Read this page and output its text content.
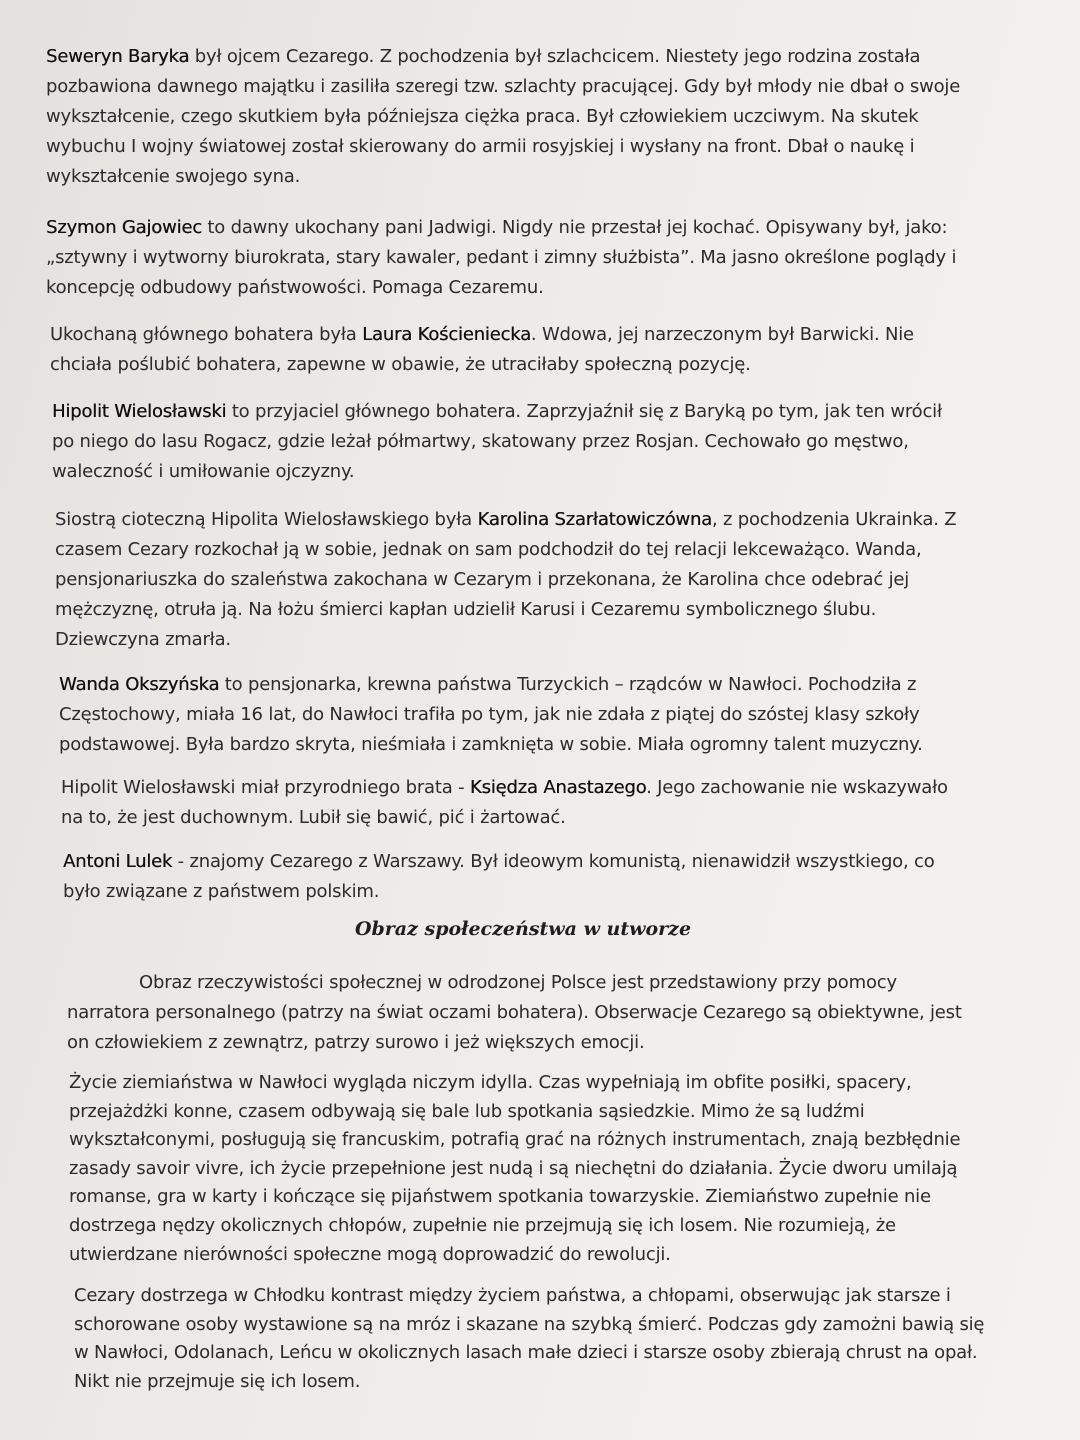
Seweryn Baryka był ojcem Cezarego. Z pochodzenia był szlachcicem. Niestety jego rodzina została
pozbawiona dawnego majątku i zasiliła szeregi tzw. szlachty pracującej. Gdy był młody nie dbał o swoje
wykształcenie, czego skutkiem była późniejsza ciężka praca. Był człowiekiem uczciwym. Na skutek
wybuchu I wojny światowej został skierowany do armii rosyjskiej i wysłany na front. Dbał o naukę i
wykształcenie swojego syna.
Szymon Gajowiec to dawny ukochany pani Jadwigi. Nigdy nie przestał jej kochać. Opisywany był, jako:
„sztywny i wytworny biurokrata, stary kawaler, pedant i zimny służbista”. Ma jasno określone poglądy i
koncepcję odbudowy państwowości. Pomaga Cezaremu.
Ukochaną głównego bohatera była Laura Kościeniecka. Wdowa, jej narzeczonym był Barwicki. Nie
chciała poślubić bohatera, zapewne w obawie, że utraciłaby społeczną pozycję.
Hipolit Wielosławski to przyjaciel głównego bohatera. Zaprzyjaźnił się z Baryką po tym, jak ten wrócił
po niego do lasu Rogacz, gdzie leżał półmartwy, skatowany przez Rosjan. Cechowało go męstwo,
waleczność i umiłowanie ojczyzny.
Siostrą cioteczną Hipolita Wielosławskiego była Karolina Szarłatowiczówna, z pochodzenia Ukrainka. Z
czasem Cezary rozkochał ją w sobie, jednak on sam podchodził do tej relacji lekceważąco. Wanda,
pensjonariuszka do szaleństwa zakochana w Cezarym i przekonana, że Karolina chce odebrać jej
mężczyznę, otruła ją. Na łożu śmierci kapłan udzielił Karusi i Cezaremu symbolicznego ślubu.
Dziewczyna zmarła.
Wanda Okszyńska to pensjonarka, krewna państwa Turzyckich – rządców w Nawłoci. Pochodziła z
Częstochowy, miała 16 lat, do Nawłoci trafiła po tym, jak nie zdała z piątej do szóstej klasy szkoły
podstawowej. Była bardzo skryta, nieśmiała i zamknięta w sobie. Miała ogromny talent muzyczny.
Hipolit Wielosławski miał przyrodniego brata - Księdza Anastazego. Jego zachowanie nie wskazywało
na to, że jest duchownym. Lubił się bawić, pić i żartować.
Antoni Lulek - znajomy Cezarego z Warszawy. Był ideowym komunistą, nienawidził wszystkiego, co
było związane z państwem polskim.
Obraz społeczeństwa w utworze
Obraz rzeczywistości społecznej w odrodzonej Polsce jest przedstawiony przy pomocy
narratora personalnego (patrzy na świat oczami bohatera). Obserwacje Cezarego są obiektywne, jest
on człowiekiem z zewnątrz, patrzy surowo i jeż większych emocji.
Życie ziemiaństwa w Nawłoci wygląda niczym idylla. Czas wypełniają im obfite posiłki, spacery,
przejażdżki konne, czasem odbywają się bale lub spotkania sąsiedzkie. Mimo że są ludźmi
wykształconymi, posługują się francuskim, potrafią grać na różnych instrumentach, znają bezbłędnie
zasady savoir vivre, ich życie przepełnione jest nudą i są niechętni do działania. Życie dworu umilają
romanse, gra w karty i kończące się pijaństwem spotkania towarzyskie. Ziemiaństwo zupełnie nie
dostrzega nędzy okolicznych chłopów, zupełnie nie przejmują się ich losem. Nie rozumieją, że
utwierdzane nierówności społeczne mogą doprowadzić do rewolucji.
Cezary dostrzega w Chłodku kontrast między życiem państwa, a chłopami, obserwując jak starsze i
schorowane osoby wystawione są na mróz i skazane na szybką śmierć. Podczas gdy zamożni bawią się
w Nawłoci, Odolanach, Leńcu w okolicznych lasach małe dzieci i starsze osoby zbierają chrust na opał.
Nikt nie przejmuje się ich losem.
